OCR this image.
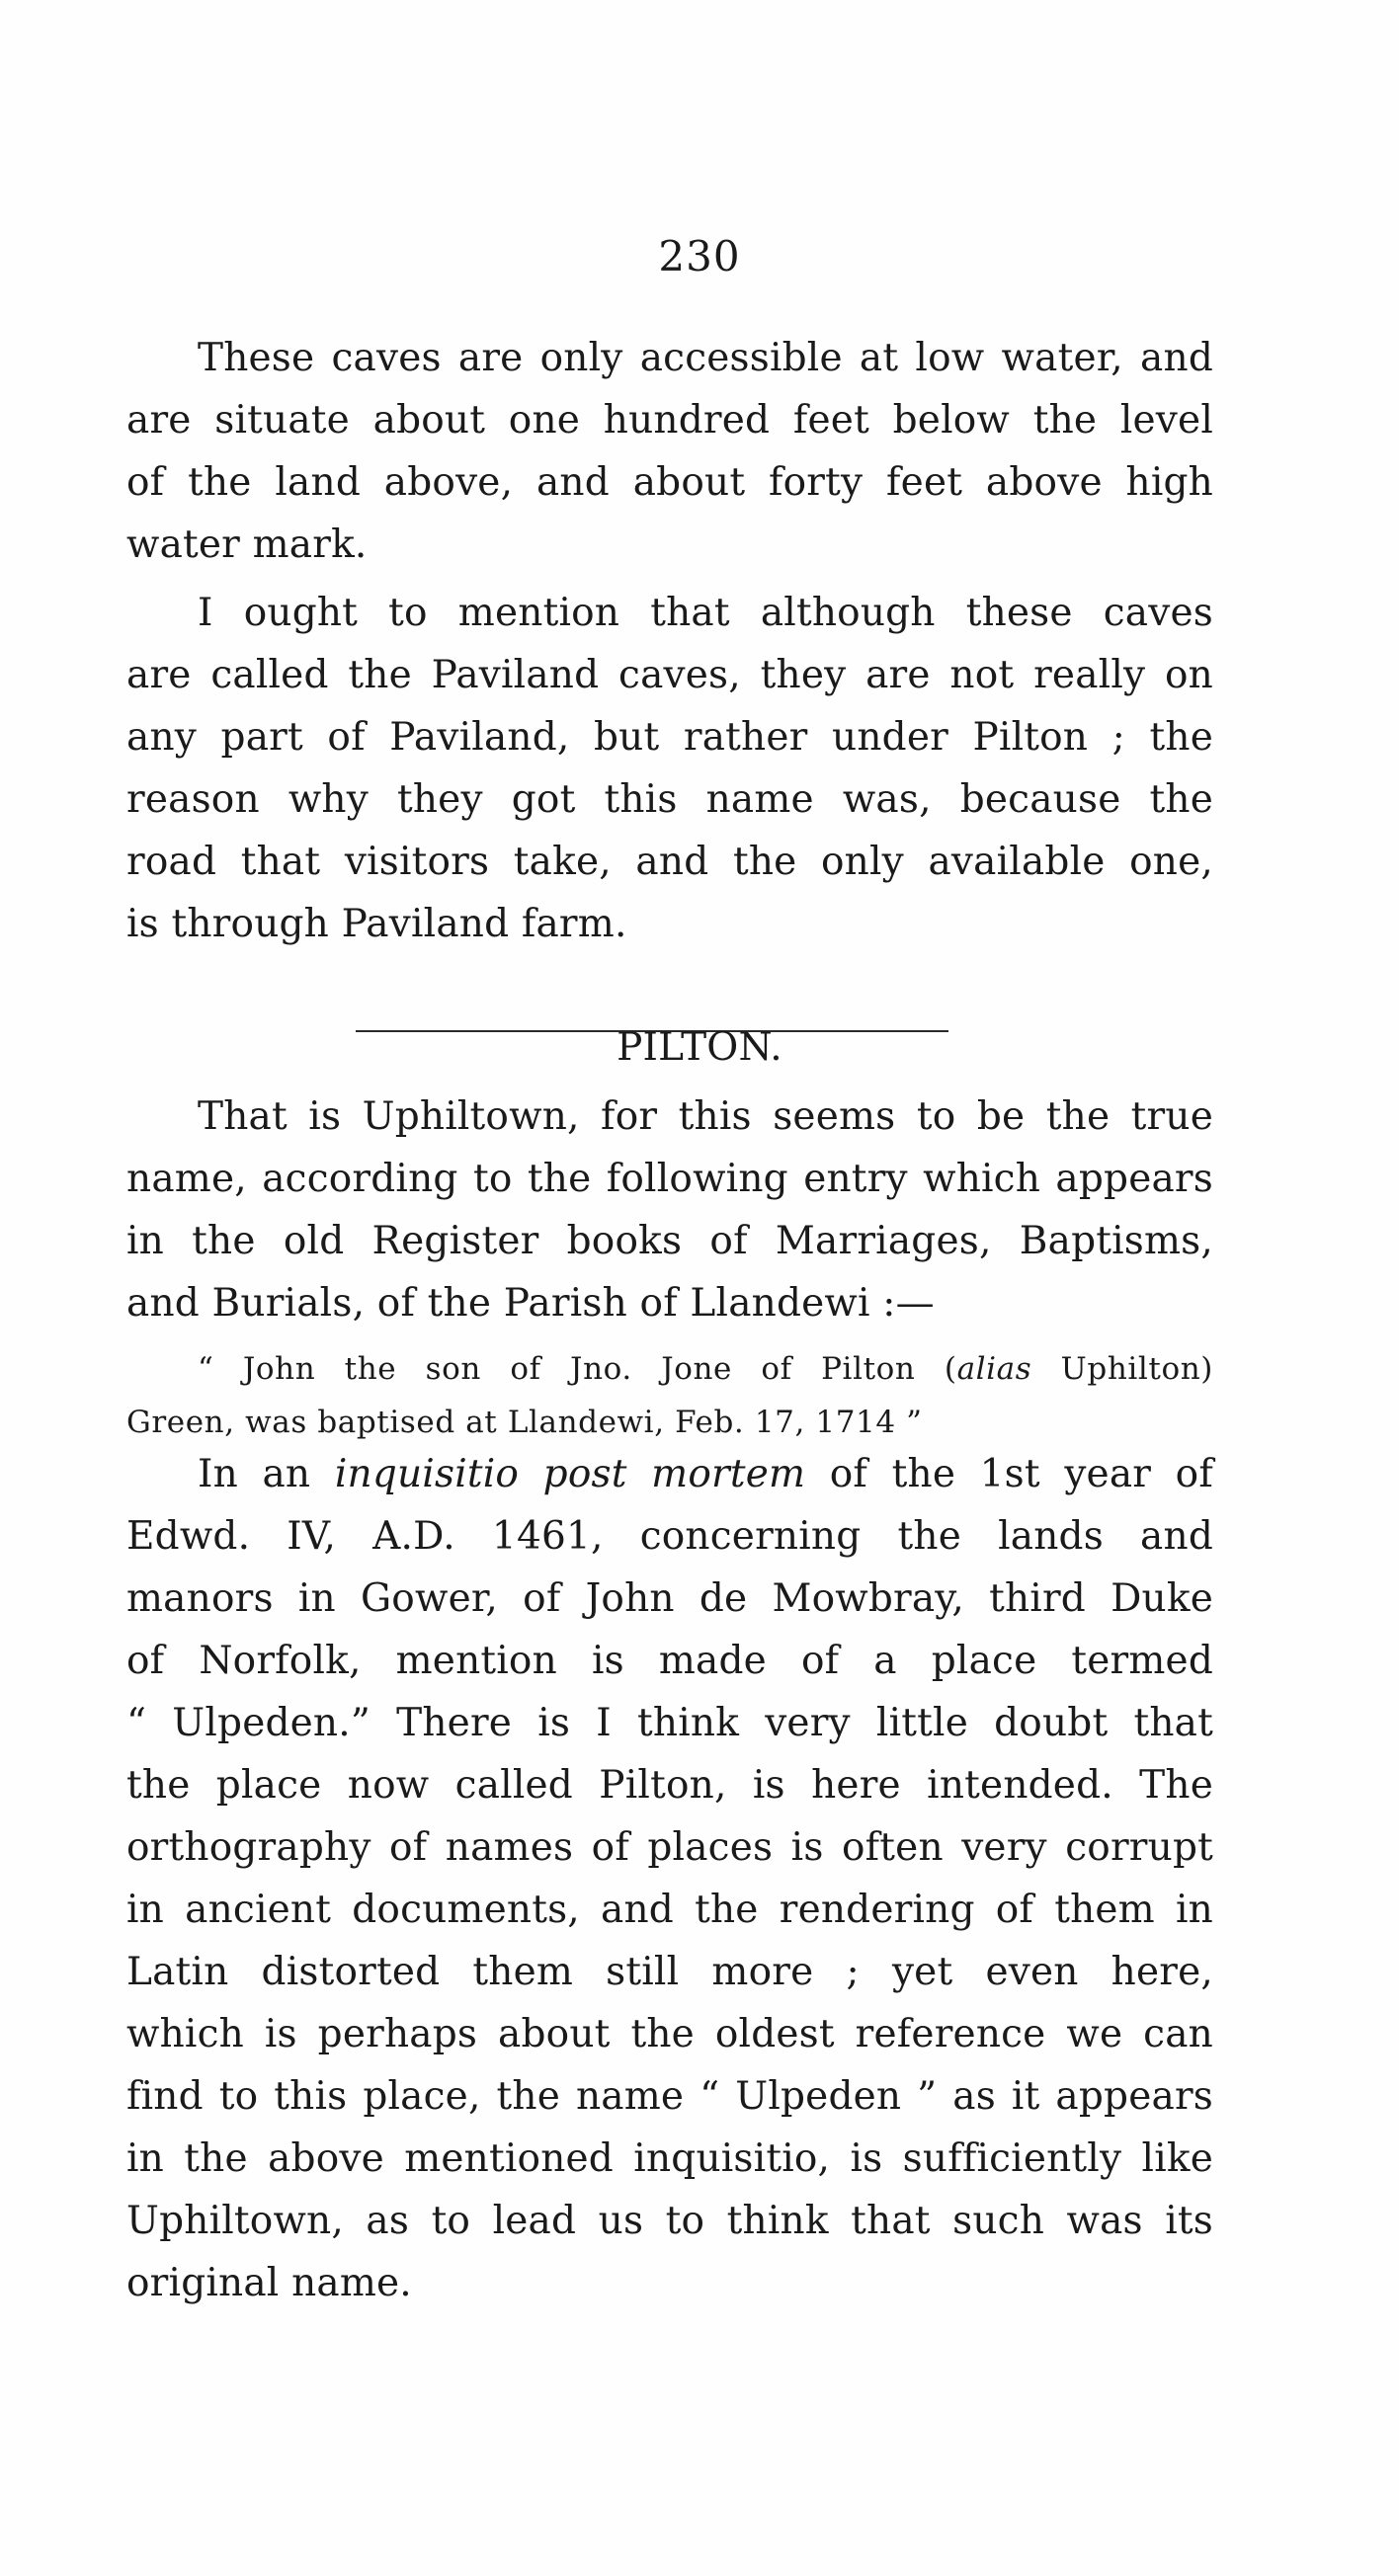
230
These caves are only accessible at low water, and
are situate about one hundred feet below the level
of the land above, and about forty feet above high
water mark.
I ought to mention that although these caves
are called the Paviland caves, they are not really on
any part of Paviland, but rather under Pilton ; the
reason why they got this name was, because the
road that visitors take, and the only available one,
is through Paviland farm.
PILTON.
That is Uphiltown, for this seems to be the true
name, according to the following entry which appears
in the old Register books of Marriages, Baptisms,
and Burials, of the Parish of Llandewi :—
“ John the son of Jno. Jone of Pilton (alias Uphilton)
Green, was baptised at Llandewi, Feb. 17, 1714 ”
In an inquisitio post mortem of the 1st year of
Edwd. IV, A.D. 1461, concerning the lands and
manors in Gower, of John de Mowbray, third Duke
of Norfolk, mention is made of a place termed
“ Ulpeden.” There is I think very little doubt that
the place now called Pilton, is here intended. The
orthography of names of places is often very corrupt
in ancient documents, and the rendering of them in
Latin distorted them still more ; yet even here,
which is perhaps about the oldest reference we can
find to this place, the name “ Ulpeden ” as it appears
in the above mentioned inquisitio, is sufficiently like
Uphiltown, as to lead us to think that such was its
original name.
